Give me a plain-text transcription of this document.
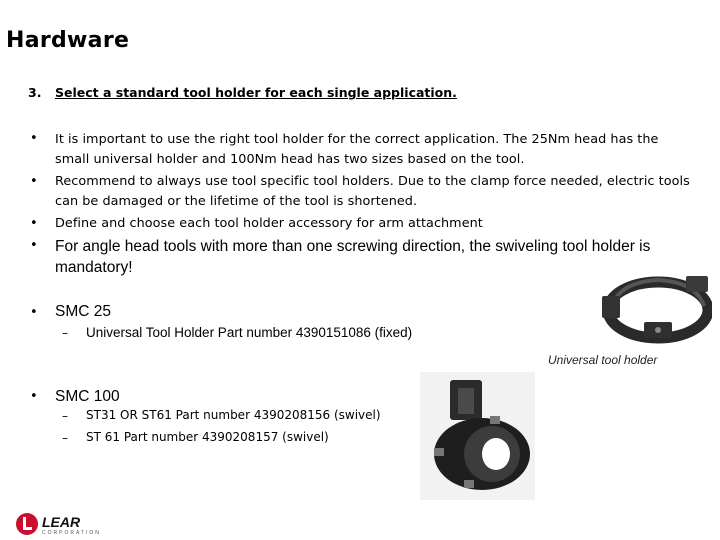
Hardware
3. Select a standard tool holder for each single application.
• It is important to use the right tool holder for the correct application. The 25Nm head has the small universal holder and 100Nm head has two sizes based on the tool.
• Recommend to always use tool specific tool holders. Due to the clamp force needed, electric tools can be damaged or the lifetime of the tool is shortened.
• Define and choose each tool holder accessory for arm attachment
• For angle head tools with more than one screwing direction, the swiveling tool holder is mandatory!
• SMC 25
– Universal Tool Holder Part number 4390151086 (fixed)
• SMC 100
– ST31 OR ST61 Part number 4390208156 (swivel)
– ST 61 Part number 4390208157 (swivel)
Universal tool holder
LEAR
CORPORATION
